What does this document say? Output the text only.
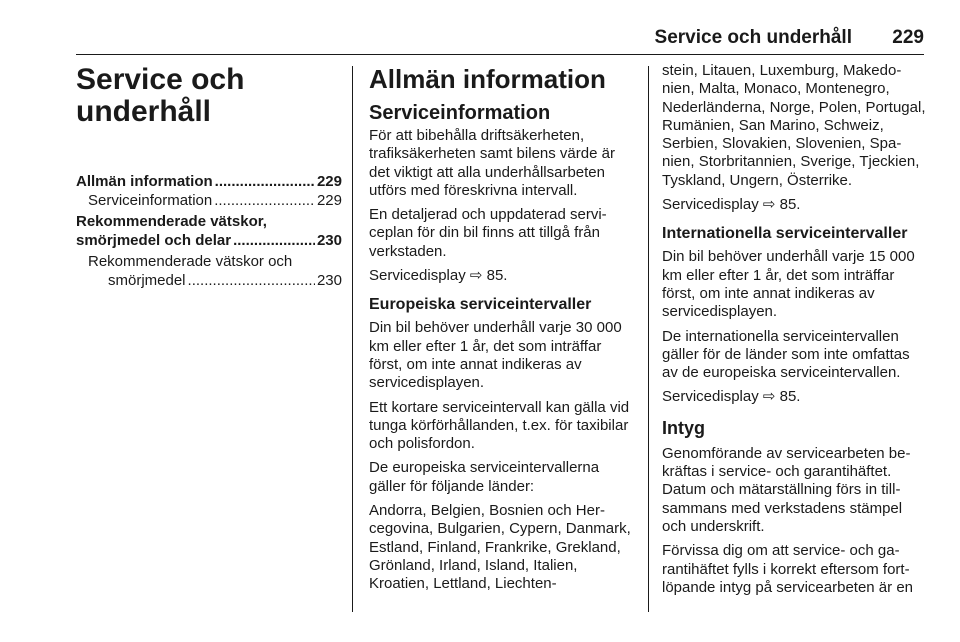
Service och underhåll 229
Service och
underhåll
Allmän information .....	229
Serviceinformation .....	229
Rekommenderade vätskor,
smörjmedel och delar .....	230
Rekommenderade vätskor och
smörjmedel .....	230
Allmän information
Serviceinformation

För att bibehålla driftsäkerheten, trafiksäkerheten samt bilens värde är det viktigt att alla underhållsarbeten utförs med föreskrivna intervall.

En detaljerad och uppdaterad serviceplan för din bil finns att tillgå från verkstaden.

Servicedisplay ⇨ 85.

Europeiska serviceintervaller

Din bil behöver underhåll varje 30 000 km eller efter 1 år, det som inträffar först, om inte annat indikeras av servicedisplayen.

Ett kortare serviceintervall kan gälla vid tunga körförhållanden, t.ex. för taxibilar och polisfordon.

De europeiska serviceintervallerna gäller för följande länder:

Andorra, Belgien, Bosnien och Hercegovina, Bulgarien, Cypern, Danmark, Estland, Finland, Frankrike, Grekland, Grönland, Irland, Island, Italien, Kroatien, Lettland, Liechten-

stein, Litauen, Luxemburg, Makedonien, Malta, Monaco, Montenegro, Nederländerna, Norge, Polen, Portugal, Rumänien, San Marino, Schweiz, Serbien, Slovakien, Slovenien, Spanien, Storbritannien, Sverige, Tjeckien, Tyskland, Ungern, Österrike.

Servicedisplay ⇨ 85.

Internationella serviceintervaller

Din bil behöver underhåll varje 15 000 km eller efter 1 år, det som inträffar först, om inte annat indikeras av servicedisplayen.

De internationella serviceintervallen gäller för de länder som inte omfattas av de europeiska serviceintervallen.

Servicedisplay ⇨ 85.

Intyg

Genomförande av servicearbeten bekräftas i service- och garantihäftet. Datum och mätarställning förs in tillsammans med verkstadens stämpel och underskrift.

Förvissa dig om att service- och garantihäftet fylls i korrekt eftersom fortlöpande intyg på servicearbeten är en
